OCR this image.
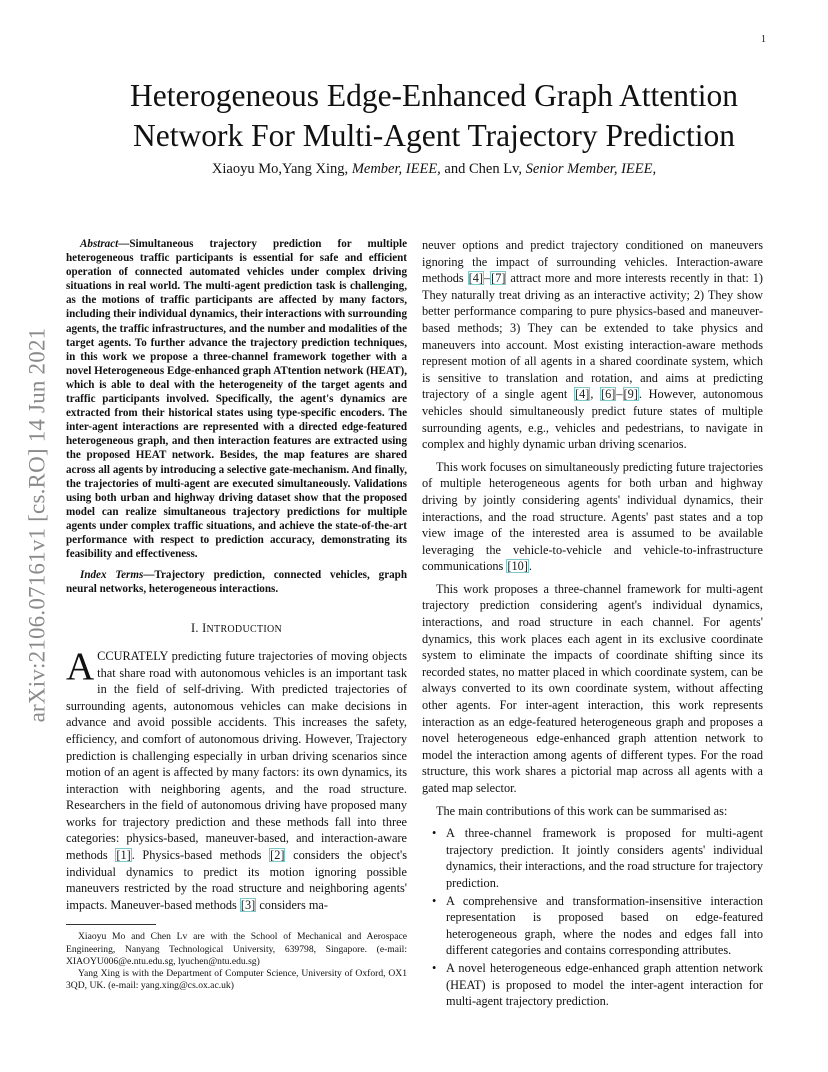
1
arXiv:2106.07161v1 [cs.RO] 14 Jun 2021
Heterogeneous Edge-Enhanced Graph Attention
Network For Multi-Agent Trajectory Prediction
Xiaoyu Mo,Yang Xing, Member, IEEE, and Chen Lv, Senior Member, IEEE,

Abstract—Simultaneous trajectory prediction for multiple heterogeneous traffic participants is essential for safe and efficient operation of connected automated vehicles under complex driving situations in real world. The multi-agent prediction task is challenging, as the motions of traffic participants are affected by many factors, including their individual dynamics, their interactions with surrounding agents, the traffic infrastructures, and the number and modalities of the target agents. To further advance the trajectory prediction techniques, in this work we propose a three-channel framework together with a novel Heterogeneous Edge-enhanced graph ATtention network (HEAT), which is able to deal with the heterogeneity of the target agents and traffic participants involved. Specifically, the agent's dynamics are extracted from their historical states using type-specific encoders. The inter-agent interactions are represented with a directed edge-featured heterogeneous graph, and then interaction features are extracted using the proposed HEAT network. Besides, the map features are shared across all agents by introducing a selective gate-mechanism. And finally, the trajectories of multi-agent are executed simultaneously. Validations using both urban and highway driving dataset show that the proposed model can realize simultaneous trajectory predictions for multiple agents under complex traffic situations, and achieve the state-of-the-art performance with respect to prediction accuracy, demonstrating its feasibility and effectiveness.

Index Terms—Trajectory prediction, connected vehicles, graph neural networks, heterogeneous interactions.

I. INTRODUCTION

ACCURATELY predicting future trajectories of moving objects that share road with autonomous vehicles is an important task in the field of self-driving. With predicted trajectories of surrounding agents, autonomous vehicles can make decisions in advance and avoid possible accidents. This increases the safety, efficiency, and comfort of autonomous driving. However, Trajectory prediction is challenging especially in urban driving scenarios since motion of an agent is affected by many factors: its own dynamics, its interaction with neighboring agents, and the road structure. Researchers in the field of autonomous driving have proposed many works for trajectory prediction and these methods fall into three categories: physics-based, maneuver-based, and interaction-aware methods [1]. Physics-based methods [2] considers the object's individual dynamics to predict its motion ignoring possible maneuvers restricted by the road structure and neighboring agents' impacts. Maneuver-based methods [3] considers ma-

Xiaoyu Mo and Chen Lv are with the School of Mechanical and Aerospace Engineering, Nanyang Technological University, 639798, Singapore. (e-mail: XIAOYU006@e.ntu.edu.sg, lyuchen@ntu.edu.sg)

Yang Xing is with the Department of Computer Science, University of Oxford, OX1 3QD, UK. (e-mail: yang.xing@cs.ox.ac.uk)

neuver options and predict trajectory conditioned on maneuvers ignoring the impact of surrounding vehicles. Interaction-aware methods [4]–[7] attract more and more interests recently in that: 1) They naturally treat driving as an interactive activity; 2) They show better performance comparing to pure physics-based and maneuver-based methods; 3) They can be extended to take physics and maneuvers into account. Most existing interaction-aware methods represent motion of all agents in a shared coordinate system, which is sensitive to translation and rotation, and aims at predicting trajectory of a single agent [4], [6]–[9]. However, autonomous vehicles should simultaneously predict future states of multiple surrounding agents, e.g., vehicles and pedestrians, to navigate in complex and highly dynamic urban driving scenarios.

This work focuses on simultaneously predicting future trajectories of multiple heterogeneous agents for both urban and highway driving by jointly considering agents' individual dynamics, their interactions, and the road structure. Agents' past states and a top view image of the interested area is assumed to be available leveraging the vehicle-to-vehicle and vehicle-to-infrastructure communications [10].

This work proposes a three-channel framework for multi-agent trajectory prediction considering agent's individual dynamics, interactions, and road structure in each channel. For agents' dynamics, this work places each agent in its exclusive coordinate system to eliminate the impacts of coordinate shifting since its recorded states, no matter placed in which coordinate system, can be always converted to its own coordinate system, without affecting other agents. For inter-agent interaction, this work represents interaction as an edge-featured heterogeneous graph and proposes a novel heterogeneous edge-enhanced graph attention network to model the interaction among agents of different types. For the road structure, this work shares a pictorial map across all agents with a gated map selector.

The main contributions of this work can be summarised as:

• A three-channel framework is proposed for multi-agent trajectory prediction. It jointly considers agents' individual dynamics, their interactions, and the road structure for trajectory prediction.
• A comprehensive and transformation-insensitive interaction representation is proposed based on edge-featured heterogeneous graph, where the nodes and edges fall into different categories and contains corresponding attributes.
• A novel heterogeneous edge-enhanced graph attention network (HEAT) is proposed to model the inter-agent interaction for multi-agent trajectory prediction.
